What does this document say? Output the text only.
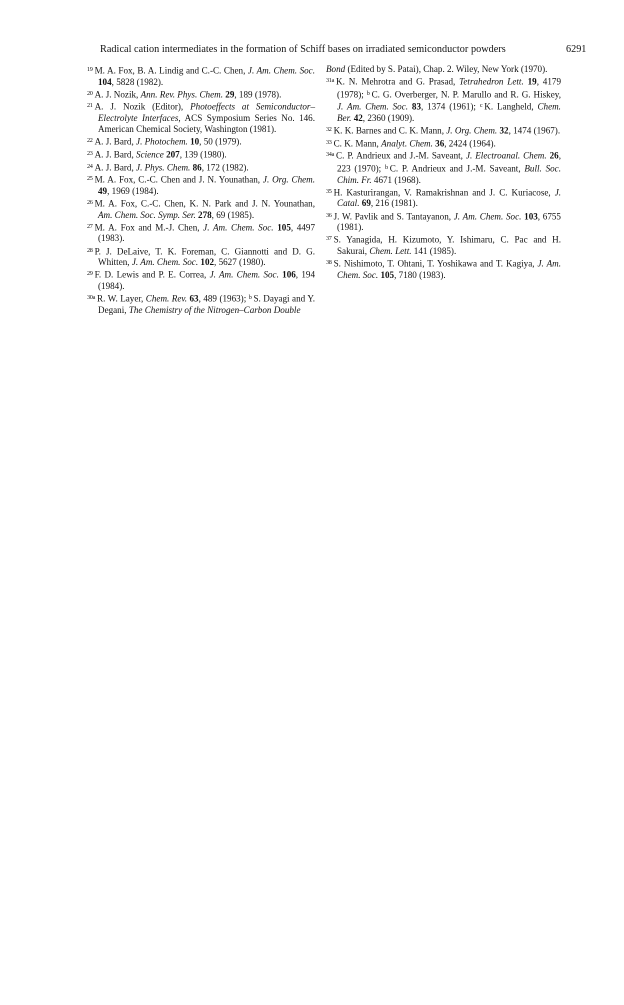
Radical cation intermediates in the formation of Schiff bases on irradiated semiconductor powders	6291

$^{19}$ M. A. Fox, B. A. Lindig and C.-C. Chen, J. Am. Chem. Soc. 104, 5828 (1982).

$^{20}$ A. J. Nozik, Ann. Rev. Phys. Chem. 29, 189 (1978).

$^{21}$ A. J. Nozik (Editor), Photoeffects at Semiconductor–Electrolyte Interfaces, ACS Symposium Series No. 146. American Chemical Society, Washington (1981).

$^{22}$ A. J. Bard, J. Photochem. 10, 50 (1979).

$^{23}$ A. J. Bard, Science 207, 139 (1980).

$^{24}$ A. J. Bard, J. Phys. Chem. 86, 172 (1982).

$^{25}$ M. A. Fox, C.-C. Chen and J. N. Younathan, J. Org. Chem. 49, 1969 (1984).

$^{26}$ M. A. Fox, C.-C. Chen, K. N. Park and J. N. Younathan, Am. Chem. Soc. Symp. Ser. 278, 69 (1985).

$^{27}$ M. A. Fox and M.-J. Chen, J. Am. Chem. Soc. 105, 4497 (1983).

$^{28}$ P. J. DeLaive, T. K. Foreman, C. Giannotti and D. G. Whitten, J. Am. Chem. Soc. 102, 5627 (1980).

$^{29}$ F. D. Lewis and P. E. Correa, J. Am. Chem. Soc. 106, 194 (1984).

$^{30a}$ R. W. Layer, Chem. Rev. 63, 489 (1963); $^b$ S. Dayagi and Y. Degani, The Chemistry of the Nitrogen–Carbon Double

Bond (Edited by S. Patai), Chap. 2. Wiley, New York (1970).

$^{31a}$ K. N. Mehrotra and G. Prasad, Tetrahedron Lett. 19, 4179 (1978); $^b$ C. G. Overberger, N. P. Marullo and R. G. Hiskey, J. Am. Chem. Soc. 83, 1374 (1961); $^c$ K. Langheld, Chem. Ber. 42, 2360 (1909).

$^{32}$ K. K. Barnes and C. K. Mann, J. Org. Chem. 32, 1474 (1967).

$^{33}$ C. K. Mann, Analyt. Chem. 36, 2424 (1964).

$^{34a}$ C. P. Andrieux and J.-M. Saveant, J. Electroanal. Chem. 26, 223 (1970); $^b$ C. P. Andrieux and J.-M. Saveant, Bull. Soc. Chim. Fr. 4671 (1968).

$^{35}$ H. Kasturirangan, V. Ramakrishnan and J. C. Kuriacose, J. Catal. 69, 216 (1981).

$^{36}$ J. W. Pavlik and S. Tantayanon, J. Am. Chem. Soc. 103, 6755 (1981).

$^{37}$ S. Yanagida, H. Kizumoto, Y. Ishimaru, C. Pac and H. Sakurai, Chem. Lett. 141 (1985).

$^{38}$ S. Nishimoto, T. Ohtani, T. Yoshikawa and T. Kagiya, J. Am. Chem. Soc. 105, 7180 (1983).
